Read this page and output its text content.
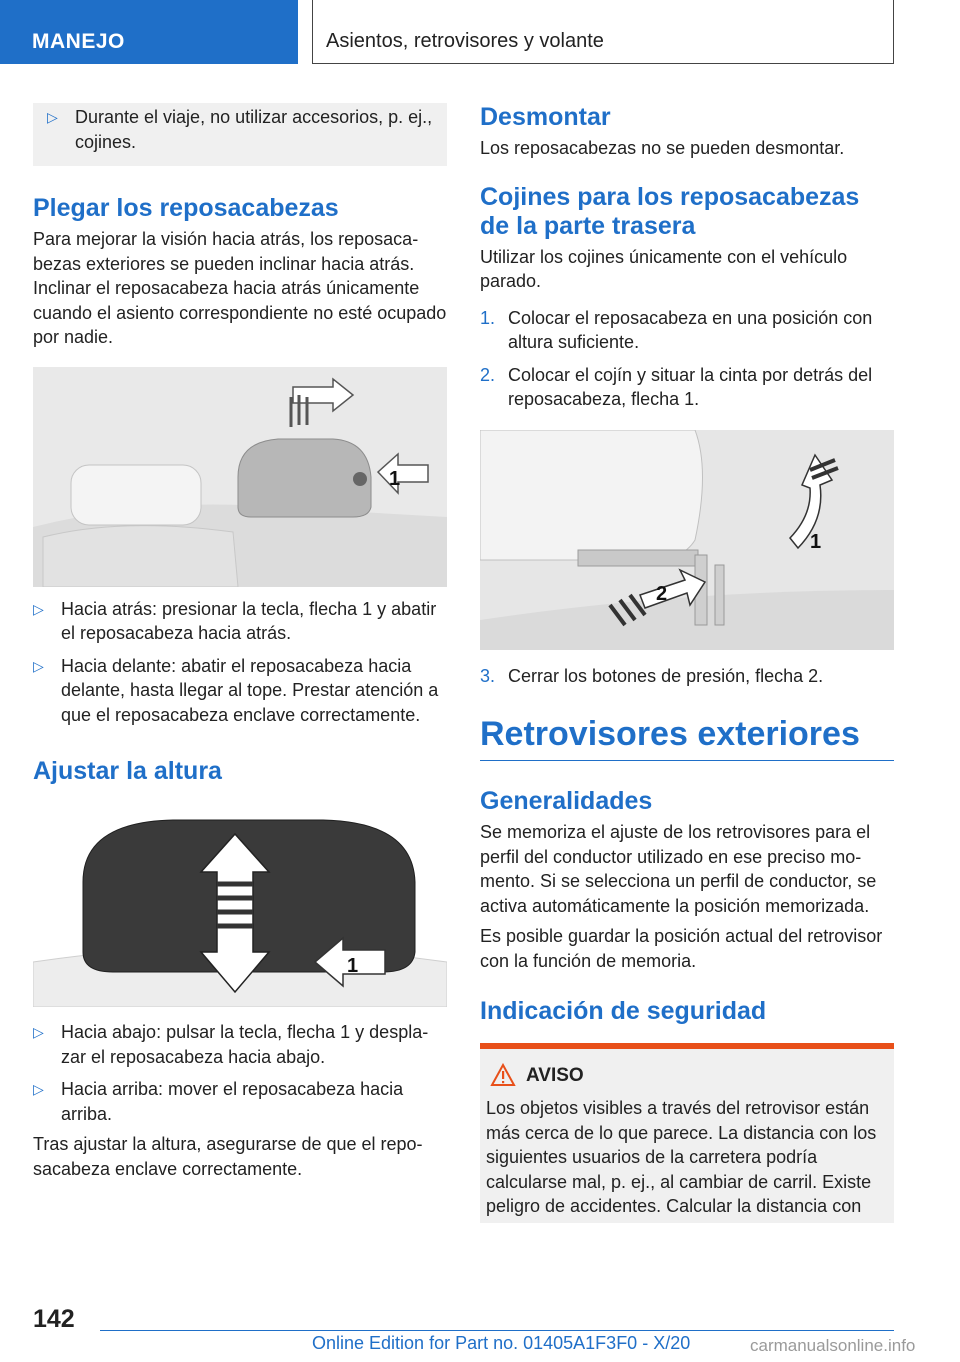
MANEJO	Asientos, retrovisores y volante
▷ Durante el viaje, no utilizar accesorios, p. ej., cojines.
Plegar los reposacabezas

Para mejorar la visión hacia atrás, los reposacabezas exteriores se pueden inclinar hacia atrás. Inclinar el reposacabeza hacia atrás únicamente cuando el asiento correspondiente no esté ocupado por nadie.

1
▷ Hacia atrás: presionar la tecla, flecha 1 y abatir el reposacabeza hacia atrás.
▷ Hacia delante: abatir el reposacabeza hacia delante, hasta llegar al tope. Prestar atención a que el reposacabeza enclave correctamente.
Ajustar la altura
1
▷ Hacia abajo: pulsar la tecla, flecha 1 y desplazar el reposacabeza hacia abajo.
▷ Hacia arriba: mover el reposacabeza hacia arriba.

Tras ajustar la altura, asegurarse de que el reposacabeza enclave correctamente.

Desmontar

Los reposacabezas no se pueden desmontar.

Cojines para los reposacabezas de la parte trasera

Utilizar los cojines únicamente con el vehículo parado.

1. Colocar el reposacabeza en una posición con altura suficiente.
2. Colocar el cojín y situar la cinta por detrás del reposacabeza, flecha 1.
1
2
3. Cerrar los botones de presión, flecha 2.
Retrovisores exteriores
Generalidades

Se memoriza el ajuste de los retrovisores para el perfil del conductor utilizado en ese preciso momento. Si se selecciona un perfil de conductor, se activa automáticamente la posición memorizada.

Es posible guardar la posición actual del retrovisor con la función de memoria.

Indicación de seguridad
AVISO
Los objetos visibles a través del retrovisor están más cerca de lo que parece. La distancia con los siguientes usuarios de la carretera podría calcularse mal, p. ej., al cambiar de carril. Existe peligro de accidentes. Calcular la distancia con
142
Online Edition for Part no. 01405A1F3F0 - X/20	carmanualsonline.info
